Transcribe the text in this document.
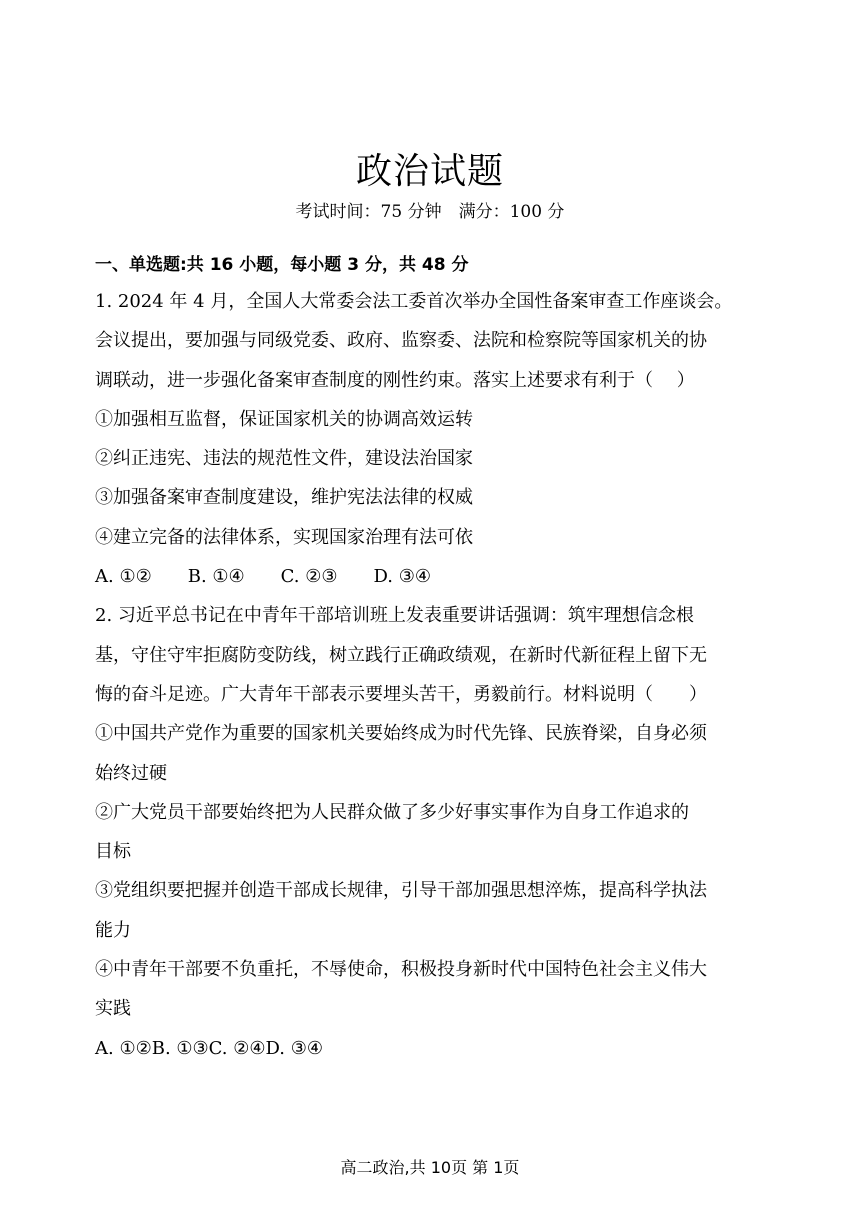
政治试题
考试时间：75 分钟　满分：100 分
一、单选题:共 16 小题，每小题 3 分，共 48 分
1. 2024 年 4 月，全国人大常委会法工委首次举办全国性备案审查工作座谈会。
会议提出，要加强与同级党委、政府、监察委、法院和检察院等国家机关的协
调联动，进一步强化备案审查制度的刚性约束。落实上述要求有利于（　 ）
①加强相互监督，保证国家机关的协调高效运转
②纠正违宪、违法的规范性文件，建设法治国家
③加强备案审查制度建设，维护宪法法律的权威
④建立完备的法律体系，实现国家治理有法可依
A. ①②　　B. ①④　　C. ②③　　D. ③④
2. 习近平总书记在中青年干部培训班上发表重要讲话强调：筑牢理想信念根
基，守住守牢拒腐防变防线，树立践行正确政绩观，在新时代新征程上留下无
悔的奋斗足迹。广大青年干部表示要埋头苦干，勇毅前行。材料说明（　　）
①中国共产党作为重要的国家机关要始终成为时代先锋、民族脊梁，自身必须
始终过硬
②广大党员干部要始终把为人民群众做了多少好事实事作为自身工作追求的
目标
③党组织要把握并创造干部成长规律，引导干部加强思想淬炼，提高科学执法
能力
④中青年干部要不负重托，不辱使命，积极投身新时代中国特色社会主义伟大
实践
A. ①②B. ①③C. ②④D. ③④
高二政治,共 10页 第 1页
